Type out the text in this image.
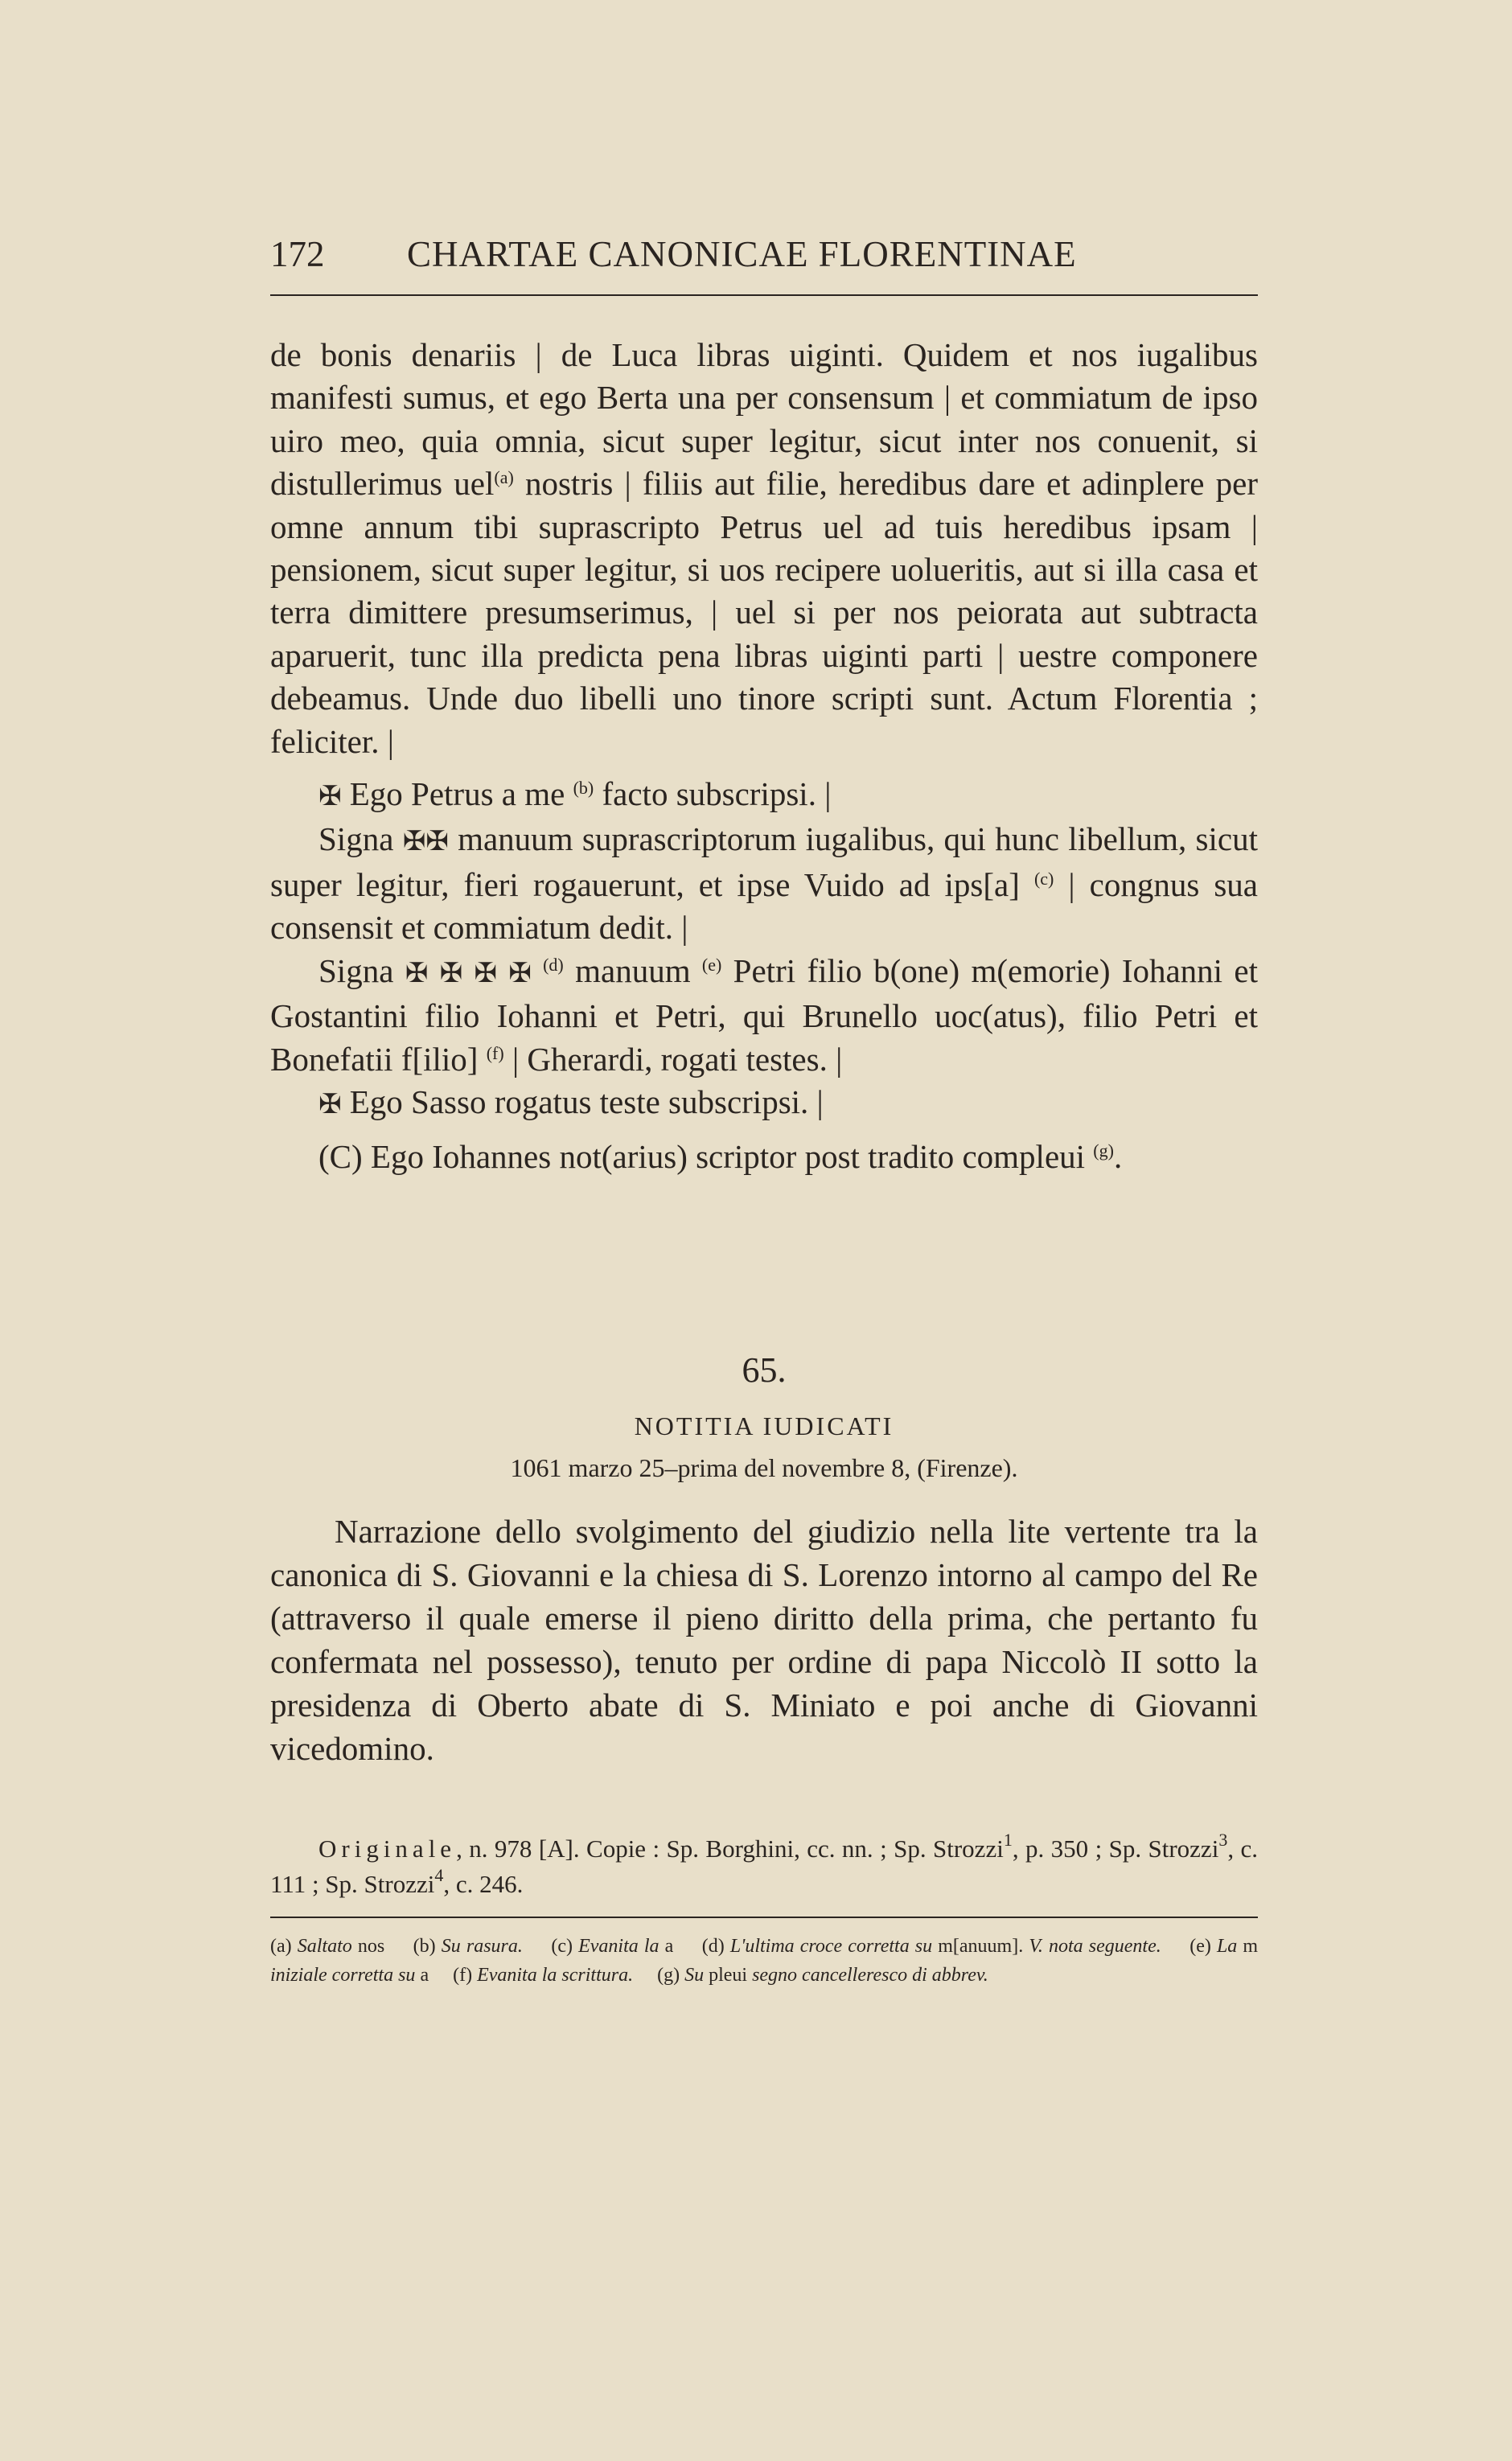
172 CHARTAE CANONICAE FLORENTINAE

de bonis denariis | de Luca libras uiginti. Quidem et nos iugalibus manifesti sumus, et ego Berta una per consensum | et commiatum de ipso uiro meo, quia omnia, sicut super legitur, sicut inter nos conuenit, si distullerimus uel$^{(a)}$ nostris | filiis aut filie, heredibus dare et adinplere per omne annum tibi suprascripto Petrus uel ad tuis heredibus ipsam | pensionem, sicut super legitur, si uos recipere uolueritis, aut si illa casa et terra dimittere presumserimus, | uel si per nos peiorata aut subtracta aparuerit, tunc illa predicta pena libras uiginti parti | uestre componere debeamus. Unde duo libelli uno tinore scripti sunt. Actum Florentia ; feliciter. |

✠ Ego Petrus a me $^{(b)}$ facto subscripsi. |

Signa ✠✠ manuum suprascriptorum iugalibus, qui hunc libellum, sicut super legitur, fieri rogauerunt, et ipse Vuido ad ips[a] $^{(c)}$ | congnus sua consensit et commiatum dedit. |

Signa ✠ ✠ ✠ ✠ $^{(d)}$ manuum $^{(e)}$ Petri filio b(one) m(emorie) Iohanni et Gostantini filio Iohanni et Petri, qui Brunello uoc(atus), filio Petri et Bonefatii f[ilio] $^{(f)}$ | Gherardi, rogati testes. |

✠ Ego Sasso rogatus teste subscripsi. |

(C) Ego Iohannes not(arius) scriptor post tradito compleui $^{(g)}$.

65.
NOTITIA IUDICATI
1061 marzo 25–prima del novembre 8, (Firenze).

Narrazione dello svolgimento del giudizio nella lite vertente tra la canonica di S. Giovanni e la chiesa di S. Lorenzo intorno al campo del Re (attraverso il quale emerse il pieno diritto della prima, che pertanto fu confermata nel possesso), tenuto per ordine di papa Niccolò II sotto la presidenza di Oberto abate di S. Miniato e poi anche di Giovanni vicedomino.

Originale, n. 978 [A]. Copie : Sp. Borghini, cc. nn. ; Sp. Strozzi$^1$, p. 350 ; Sp. Strozzi$^3$, c. 111 ; Sp. Strozzi$^4$, c. 246.

(a) Saltato nos (b) Su rasura. (c) Evanita la a (d) L'ultima croce corretta su m[anuum]. V. nota seguente. (e) La m iniziale corretta su a (f) Evanita la scrittura. (g) Su pleui segno cancelleresco di abbrev.
